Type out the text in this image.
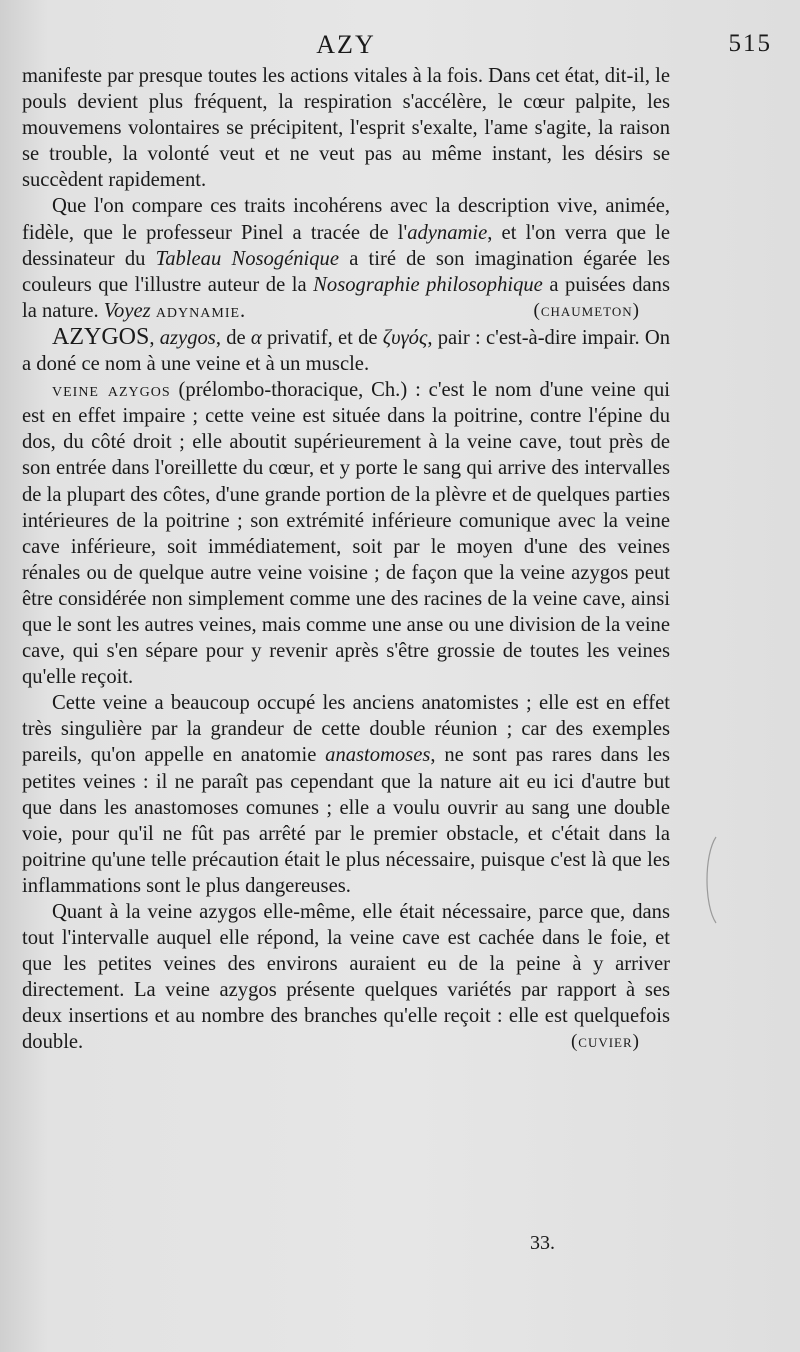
AZY	515

manifeste par presque toutes les actions vitales à la fois. Dans cet état, dit-il, le pouls devient plus fréquent, la respiration s'accélère, le cœur palpite, les mouvemens volontaires se précipitent, l'esprit s'exalte, l'ame s'agite, la raison se trouble, la volonté veut et ne veut pas au même instant, les désirs se succèdent rapidement.

Que l'on compare ces traits incohérens avec la description vive, animée, fidèle, que le professeur Pinel a tracée de l'adynamie, et l'on verra que le dessinateur du Tableau Nosogénique a tiré de son imagination égarée les couleurs que l'illustre auteur de la Nosographie philosophique a puisées dans la nature. Voyez adynamie.	(chaumeton)

AZYGOS, azygos, de α privatif, et de ζυγός, pair : c'est-à-dire impair. On a doné ce nom à une veine et à un muscle.

veine azygos (prélombo-thoracique, Ch.) : c'est le nom d'une veine qui est en effet impaire ; cette veine est située dans la poitrine, contre l'épine du dos, du côté droit ; elle aboutit supérieurement à la veine cave, tout près de son entrée dans l'oreillette du cœur, et y porte le sang qui arrive des intervalles de la plupart des côtes, d'une grande portion de la plèvre et de quelques parties intérieures de la poitrine ; son extrémité inférieure comunique avec la veine cave inférieure, soit immédiatement, soit par le moyen d'une des veines rénales ou de quelque autre veine voisine ; de façon que la veine azygos peut être considérée non simplement comme une des racines de la veine cave, ainsi que le sont les autres veines, mais comme une anse ou une division de la veine cave, qui s'en sépare pour y revenir après s'être grossie de toutes les veines qu'elle reçoit.

Cette veine a beaucoup occupé les anciens anatomistes ; elle est en effet très singulière par la grandeur de cette double réunion ; car des exemples pareils, qu'on appelle en anatomie anastomoses, ne sont pas rares dans les petites veines : il ne paraît pas cependant que la nature ait eu ici d'autre but que dans les anastomoses comunes ; elle a voulu ouvrir au sang une double voie, pour qu'il ne fût pas arrêté par le premier obstacle, et c'était dans la poitrine qu'une telle précaution était le plus nécessaire, puisque c'est là que les inflammations sont le plus dangereuses.

Quant à la veine azygos elle-même, elle était nécessaire, parce que, dans tout l'intervalle auquel elle répond, la veine cave est cachée dans le foie, et que les petites veines des environs auraient eu de la peine à y arriver directement. La veine azygos présente quelques variétés par rapport à ses deux insertions et au nombre des branches qu'elle reçoit : elle est quelquefois double.	(cuvier)

33.
